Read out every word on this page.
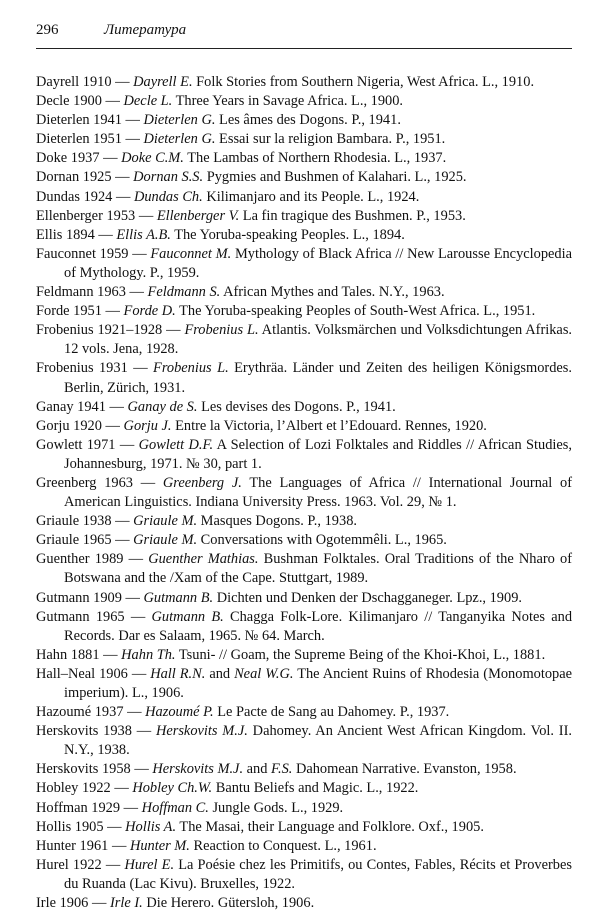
296	Литература
Dayrell 1910 — Dayrell E. Folk Stories from Southern Nigeria, West Africa. L., 1910.
Decle 1900 — Decle L. Three Years in Savage Africa. L., 1900.
Dieterlen 1941 — Dieterlen G. Les âmes des Dogons. P., 1941.
Dieterlen 1951 — Dieterlen G. Essai sur la religion Bambara. P., 1951.
Doke 1937 — Doke C.M. The Lambas of Northern Rhodesia. L., 1937.
Dornan 1925 — Dornan S.S. Pygmies and Bushmen of Kalahari. L., 1925.
Dundas 1924 — Dundas Ch. Kilimanjaro and its People. L., 1924.
Ellenberger 1953 — Ellenberger V. La fin tragique des Bushmen. P., 1953.
Ellis 1894 — Ellis A.B. The Yoruba-speaking Peoples. L., 1894.
Fauconnet 1959 — Fauconnet M. Mythology of Black Africa // New Larousse Encyclopedia of Mythology. P., 1959.
Feldmann 1963 — Feldmann S. African Mythes and Tales. N.Y., 1963.
Forde 1951 — Forde D. The Yoruba-speaking Peoples of South-West Africa. L., 1951.
Frobenius 1921–1928 — Frobenius L. Atlantis. Volksmärchen und Volksdichtungen Afrikas. 12 vols. Jena, 1928.
Frobenius 1931 — Frobenius L. Erythräa. Länder und Zeiten des heiligen Königsmordes. Berlin, Zürich, 1931.
Ganay 1941 — Ganay de S. Les devises des Dogons. P., 1941.
Gorju 1920 — Gorju J. Entre la Victoria, l’Albert et l’Edouard. Rennes, 1920.
Gowlett 1971 — Gowlett D.F. A Selection of Lozi Folktales and Riddles // African Studies, Johannesburg, 1971. № 30, part 1.
Greenberg 1963 — Greenberg J. The Languages of Africa // International Journal of American Linguistics. Indiana University Press. 1963. Vol. 29, № 1.
Griaule 1938 — Griaule M. Masques Dogons. P., 1938.
Griaule 1965 — Griaule M. Conversations with Ogotemmêli. L., 1965.
Guenther 1989 — Guenther Mathias. Bushman Folktales. Oral Traditions of the Nharo of Botswana and the /Xam of the Cape. Stuttgart, 1989.
Gutmann 1909 — Gutmann B. Dichten und Denken der Dschagganeger. Lpz., 1909.
Gutmann 1965 — Gutmann B. Chagga Folk-Lore. Kilimanjaro // Tanganyika Notes and Records. Dar es Salaam, 1965. № 64. March.
Hahn 1881 — Hahn Th. Tsuni- // Goam, the Supreme Being of the Khoi-Khoi, L., 1881.
Hall–Neal 1906 — Hall R.N. and Neal W.G. The Ancient Ruins of Rhodesia (Monomotopae imperium). L., 1906.
Hazoumé 1937 — Hazoumé P. Le Pacte de Sang au Dahomey. P., 1937.
Herskovits 1938 — Herskovits M.J. Dahomey. An Ancient West African Kingdom. Vol. II. N.Y., 1938.
Herskovits 1958 — Herskovits M.J. and F.S. Dahomean Narrative. Evanston, 1958.
Hobley 1922 — Hobley Ch.W. Bantu Beliefs and Magic. L., 1922.
Hoffman 1929 — Hoffman C. Jungle Gods. L., 1929.
Hollis 1905 — Hollis A. The Masai, their Language and Folklore. Oxf., 1905.
Hunter 1961 — Hunter M. Reaction to Conquest. L., 1961.
Hurel 1922 — Hurel E. La Poésie chez les Primitifs, ou Contes, Fables, Récits et Proverbes du Ruanda (Lac Kivu). Bruxelles, 1922.
Irle 1906 — Irle I. Die Herero. Gütersloh, 1906.
